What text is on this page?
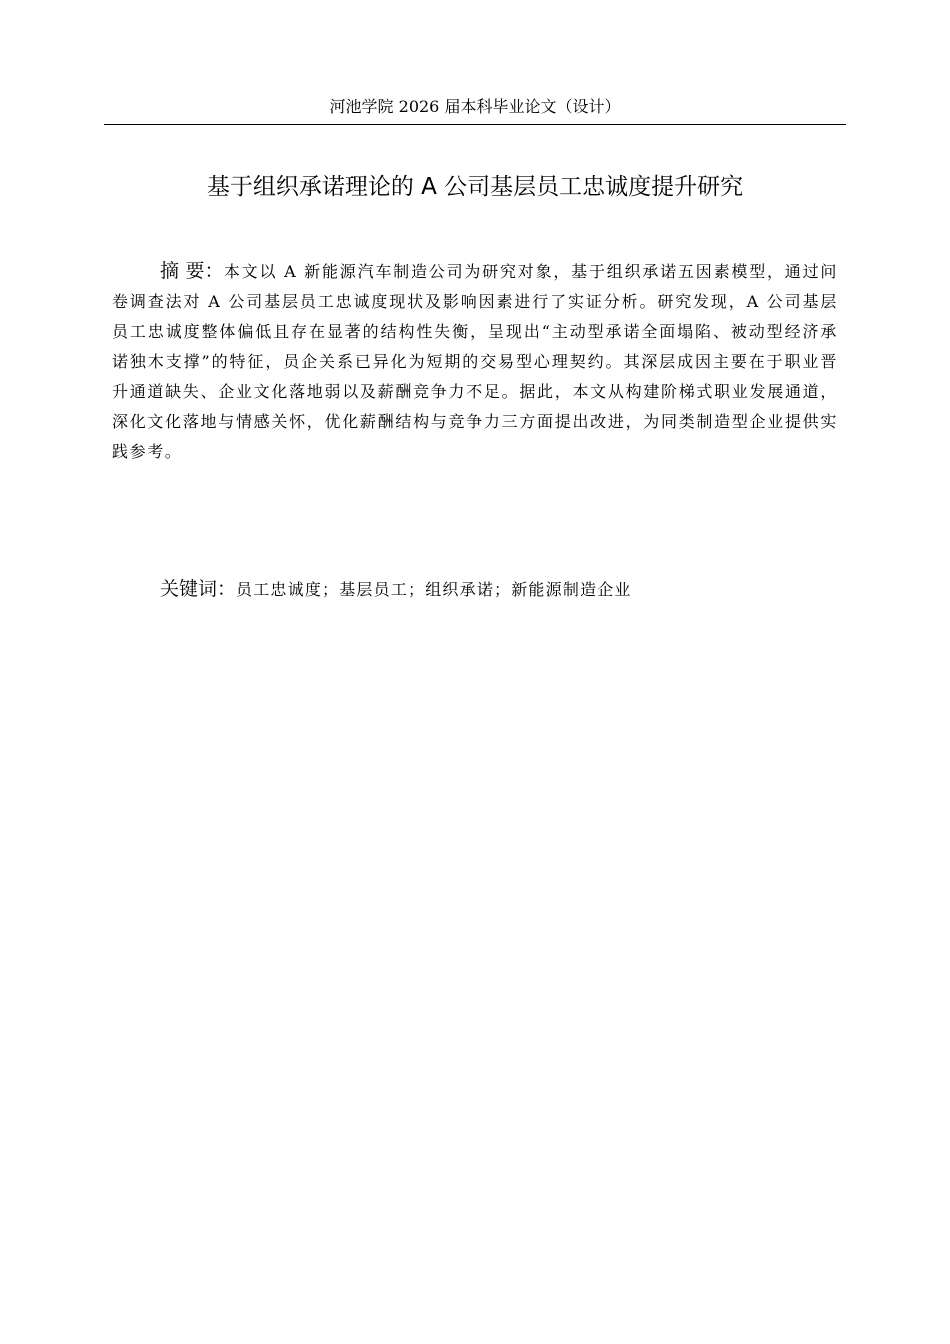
河池学院 2026 届本科毕业论文（设计）
基于组织承诺理论的 A 公司基层员工忠诚度提升研究

摘 要：本文以 A 新能源汽车制造公司为研究对象，基于组织承诺五因素模型，通过问卷调查法对 A 公司基层员工忠诚度现状及影响因素进行了实证分析。研究发现，A 公司基层员工忠诚度整体偏低且存在显著的结构性失衡，呈现出“主动型承诺全面塌陷、被动型经济承诺独木支撑”的特征，员企关系已异化为短期的交易型心理契约。其深层成因主要在于职业晋升通道缺失、企业文化落地弱以及薪酬竞争力不足。据此，本文从构建阶梯式职业发展通道，深化文化落地与情感关怀，优化薪酬结构与竞争力三方面提出改进，为同类制造型企业提供实践参考。

关键词：员工忠诚度；基层员工；组织承诺；新能源制造企业
